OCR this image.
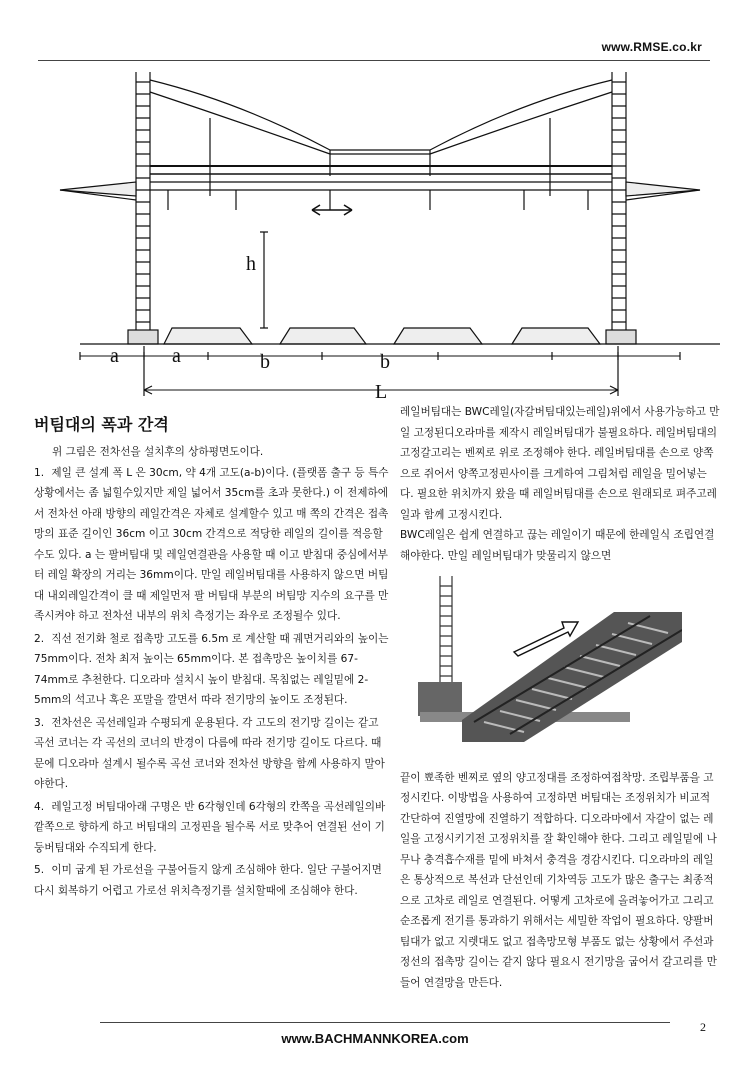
www.RMSE.co.kr
a	a	b	b
h
L
버팀대의 폭과 간격

위 그림은 전차선을 설치후의 상하평면도이다.

1. 제일 큰 설계 폭 L 은 30cm, 약 4개 고도(a-b)이다. (플랫폼 출구 등 특수상황에서는 좀 넓힐수있지만 제일 넓어서 35cm를 초과 못한다.) 이 전제하에서 전차선 아래 방향의 레일간격은 자체로 설계할수 있고 매 쪽의 간격은 접촉망의 표준 길이인 36cm 이고 30cm 간격으로 적당한 레일의 길이를 적응할수도 있다. a 는 팔버팀대 및 레일연결관을 사용할 때 이고 받침대 중심에서부터 레일 확장의 거리는 36mm이다. 만일 레일버팀대를 사용하지 않으면 버팀대 내외레일간격이 클 때 제일먼저 팔 버팀대 부분의 버팀망 지수의 요구를 만족시켜야 하고 전차선 내부의 위치 측정기는 좌우로 조정될수 있다.
2. 직선 전기화 철로 접촉망 고도를 6.5m 로 계산할 때 궤면거리와의 높이는 75mm이다. 전차 최저 높이는 65mm이다. 본 접촉망은 높이치를 67-74mm로 추천한다. 디오라마 설치시 높이 받침대. 목침없는 레일밑에 2-5mm의 석고나 혹은 포말을 깔면서 따라 전기망의 높이도 조정된다.
3. 전차선은 곡선레일과 수평되게 운용된다. 각 고도의 전기망 길이는 같고 곡선 코너는 각 곡선의 코너의 반경이 다름에 따라 전기망 길이도 다르다. 때문에 디오라마 설계시 될수록 곡선 코너와 전차선 방향을 함께 사용하지 말아야한다.
4. 레일고정 버팀대아래 구명은 반 6각형인데 6각형의 칸쪽을 곡선레일의바깥쪽으로 향하게 하고 버팀대의 고정핀을 될수록 서로 맞추어 연결된 선이 기둥버팀대와 수직되게 한다.
5. 이미 굽게 된 가로선을 구불어들지 않게 조심해야 한다. 일단 구불어지면 다시 회복하기 어렵고 가로선 위치측정기를 설치할때에 조심해야 한다.

레일버팀대는 BWC레일(자갈버팀대있는레일)위에서 사용가능하고 만일 고정된디오라마를 제작시 레일버팀대가 불필요하다. 레일버팀대의 고정갈고리는 벤찌로 위로 조정해야 한다. 레일버팀대를 손으로 양쪽으로 쥐어서 양쪽고정핀사이를 크게하여 그림처럼 레일을 밀어넣는다. 필요한 위치까지 왔을 때 레일버팀대를 손으로 원래되로 펴주고레일과 함께 고정시킨다.

BWC레일은 쉽게 연결하고 끊는 레일이기 때문에 한레일식 조립연결해야한다. 만일 레일버팀대가 맞물리지 않으면

끝이 뾰족한 벤찌로 옆의 양고정대를 조정하여접착망. 조립부품을 고정시킨다. 이방법을 사용하여 고정하면 버팀대는 조정위치가 비교적 간단하여 진열망에 진열하기 적합하다. 디오라마에서 자갈이 없는 레일을 고정시키기전 고정위치를 잘 확인해야 한다. 그리고 레일밑에 나무나 충격흡수재를 밑에 바쳐서 충격을 경감시킨다. 디오라마의 레일은 통상적으로 복선과 단선인데 기차역등 고도가 많은 출구는 최종적으로 고차로 레일로 연결된다. 어떻게 고차로에 올려놓어가고 그리고 순조롭게 전기를 통과하기 위해서는 세밀한 작업이 필요하다. 양팔버팀대가 없고 지렛대도 없고 접촉망모형 부품도 없는 상황에서 주선과정선의 접촉망 길이는 같지 않다 필요시 전기망을 굽어서 갈고리를 만들어 연결망을 만든다.

2
www.BACHMANNKOREA.com
